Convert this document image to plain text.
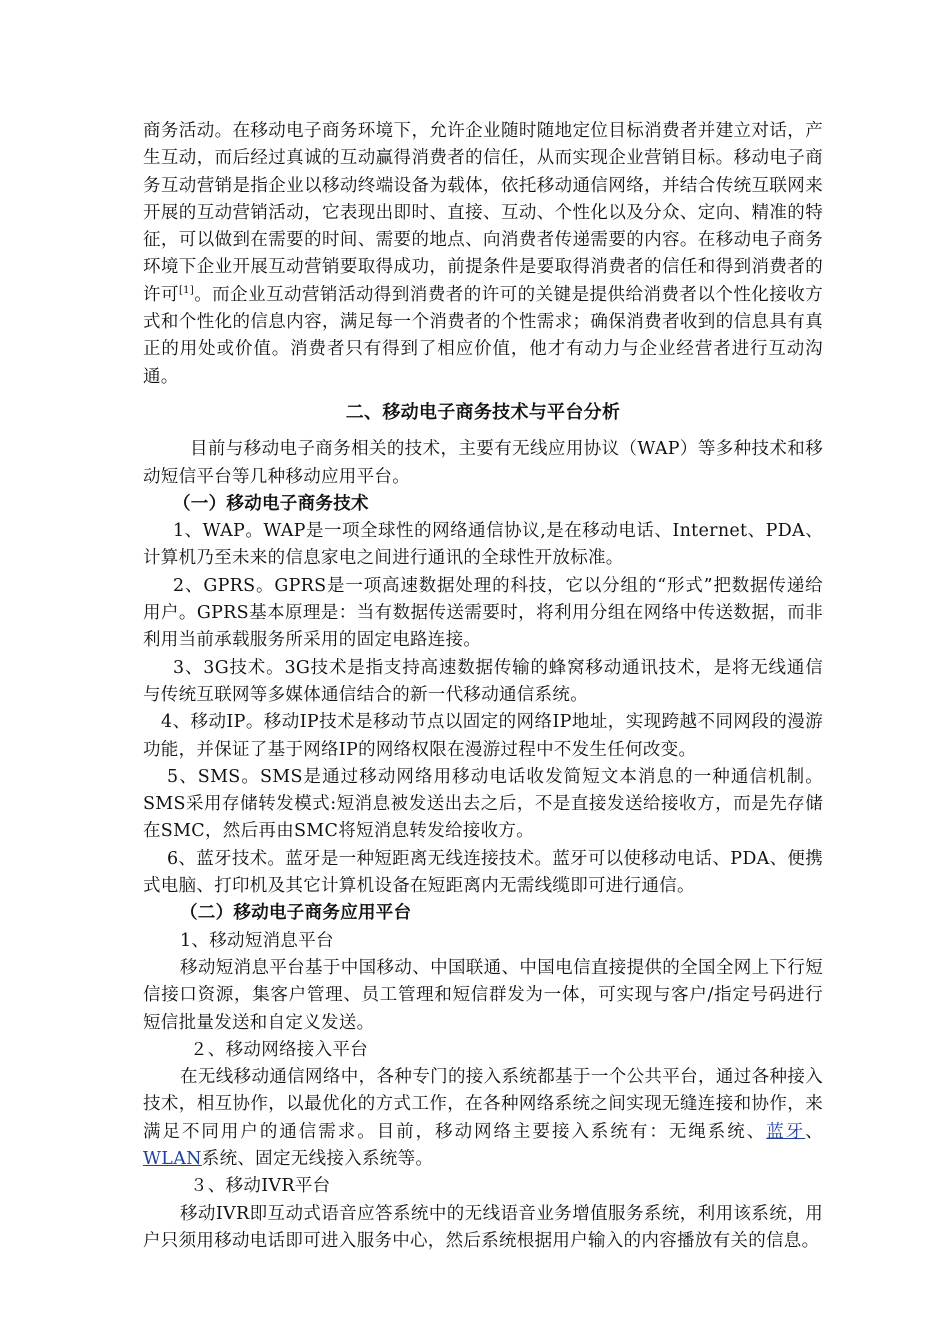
商务活动。在移动电子商务环境下，允许企业随时随地定位目标消费者并建立对话，产生互动，而后经过真诚的互动赢得消费者的信任，从而实现企业营销目标。移动电子商务互动营销是指企业以移动终端设备为载体，依托移动通信网络，并结合传统互联网来开展的互动营销活动，它表现出即时、直接、互动、个性化以及分众、定向、精准的特征，可以做到在需要的时间、需要的地点、向消费者传递需要的内容。在移动电子商务环境下企业开展互动营销要取得成功，前提条件是要取得消费者的信任和得到消费者的许可[1]。而企业互动营销活动得到消费者的许可的关键是提供给消费者以个性化接收方式和个性化的信息内容，满足每一个消费者的个性需求；确保消费者收到的信息具有真正的用处或价值。消费者只有得到了相应价值，他才有动力与企业经营者进行互动沟通。

二、移动电子商务技术与平台分析

目前与移动电子商务相关的技术，主要有无线应用协议（WAP）等多种技术和移动短信平台等几种移动应用平台。

（一）移动电子商务技术

1、WAP。WAP是一项全球性的网络通信协议,是在移动电话、Internet、PDA、计算机乃至未来的信息家电之间进行通讯的全球性开放标准。

2、GPRS。GPRS是一项高速数据处理的科技，它以分组的“形式”把数据传递给用户。GPRS基本原理是：当有数据传送需要时，将利用分组在网络中传送数据，而非利用当前承载服务所采用的固定电路连接。

3、3G技术。3G技术是指支持高速数据传输的蜂窝移动通讯技术，是将无线通信与传统互联网等多媒体通信结合的新一代移动通信系统。

4、移动IP。移动IP技术是移动节点以固定的网络IP地址，实现跨越不同网段的漫游功能，并保证了基于网络IP的网络权限在漫游过程中不发生任何改变。

5、SMS。SMS是通过移动网络用移动电话收发简短文本消息的一种通信机制。SMS采用存储转发模式:短消息被发送出去之后，不是直接发送给接收方，而是先存储在SMC，然后再由SMC将短消息转发给接收方。

6、蓝牙技术。蓝牙是一种短距离无线连接技术。蓝牙可以使移动电话、PDA、便携式电脑、打印机及其它计算机设备在短距离内无需线缆即可进行通信。

（二）移动电子商务应用平台

1、移动短消息平台

移动短消息平台基于中国移动、中国联通、中国电信直接提供的全国全网上下行短信接口资源，集客户管理、员工管理和短信群发为一体，可实现与客户/指定号码进行短信批量发送和自定义发送。

２、移动网络接入平台

在无线移动通信网络中，各种专门的接入系统都基于一个公共平台，通过各种接入技术，相互协作，以最优化的方式工作，在各种网络系统之间实现无缝连接和协作，来满足不同用户的通信需求。目前，移动网络主要接入系统有：无绳系统、蓝牙、WLAN系统、固定无线接入系统等。

３、移动IVR平台

移动IVR即互动式语音应答系统中的无线语音业务增值服务系统，利用该系统，用户只须用移动电话即可进入服务中心，然后系统根据用户输入的内容播放有关的信息。
